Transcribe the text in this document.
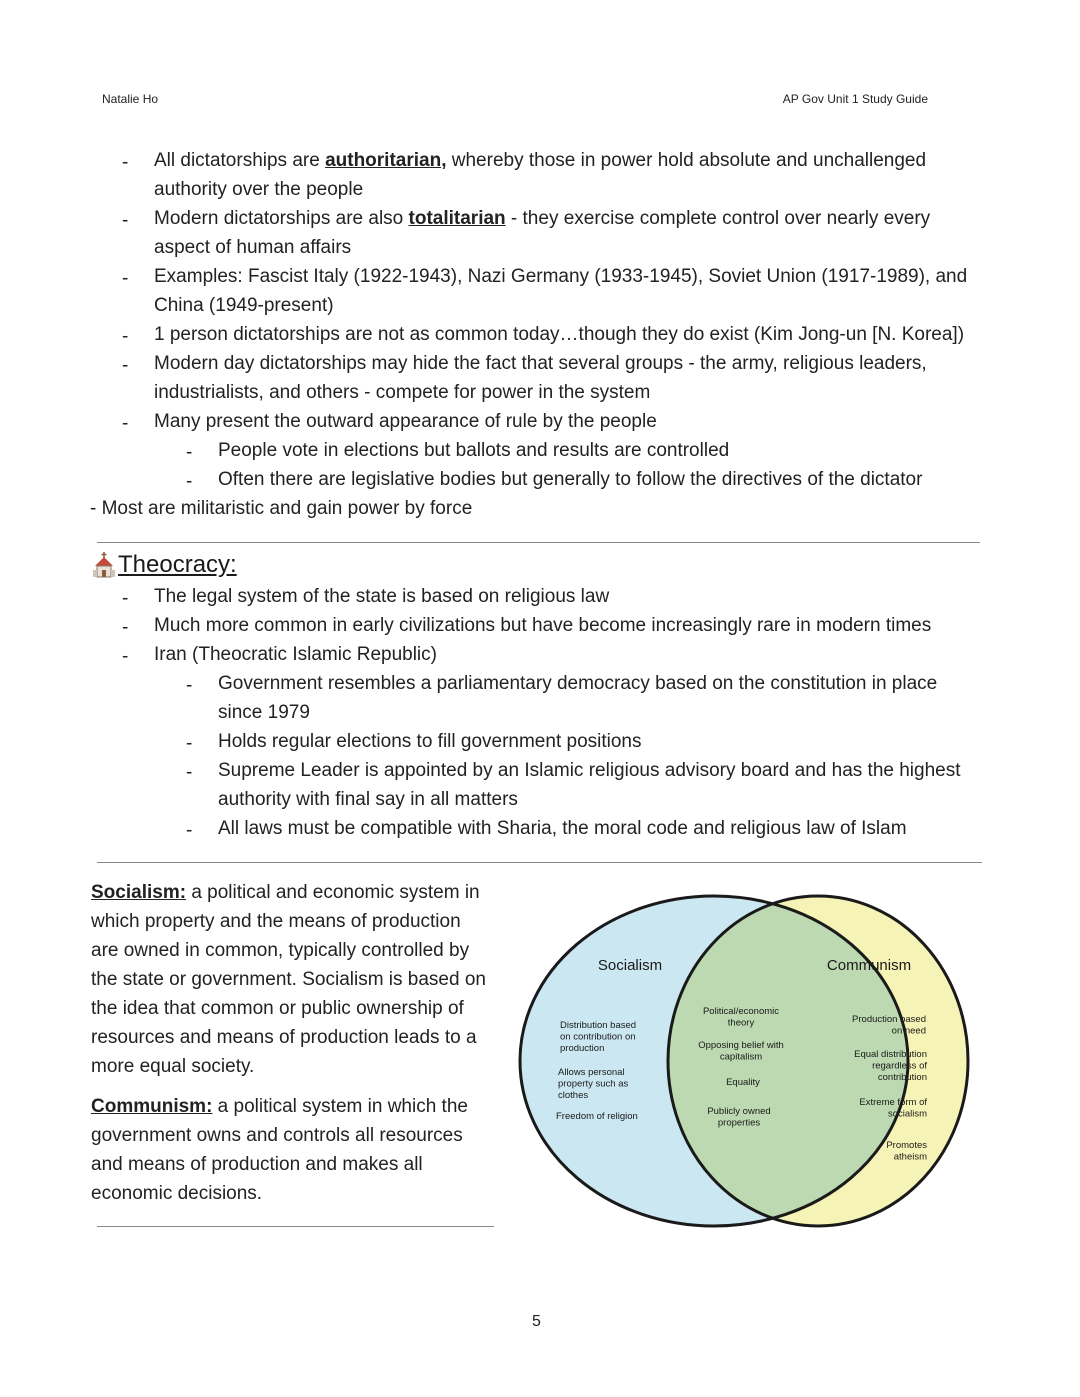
Natalie Ho	AP Gov Unit 1 Study Guide
- All dictatorships are authoritarian, whereby those in power hold absolute and unchallenged
authority over the people
- Modern dictatorships are also totalitarian - they exercise complete control over nearly every
aspect of human affairs
- Examples: Fascist Italy (1922-1943), Nazi Germany (1933-1945), Soviet Union (1917-1989), and
China (1949-present)
- 1 person dictatorships are not as common today…though they do exist (Kim Jong-un [N. Korea])
- Modern day dictatorships may hide the fact that several groups - the army, religious leaders,
industrialists, and others - compete for power in the system
- Many present the outward appearance of rule by the people
- People vote in elections but ballots and results are controlled
- Often there are legislative bodies but generally to follow the directives of the dictator
- Most are militaristic and gain power by force
Theocracy:
- The legal system of the state is based on religious law
- Much more common in early civilizations but have become increasingly rare in modern times
- Iran (Theocratic Islamic Republic)
- Government resembles a parliamentary democracy based on the constitution in place
since 1979
- Holds regular elections to fill government positions
- Supreme Leader is appointed by an Islamic religious advisory board and has the highest
authority with final say in all matters
- All laws must be compatible with Sharia, the moral code and religious law of Islam
Socialism: a political and economic system in
which property and the means of production
are owned in common, typically controlled by
the state or government. Socialism is based on
the idea that common or public ownership of
resources and means of production leads to a
more equal society.
Communism: a political system in which the
government owns and controls all resources
and means of production and makes all
economic decisions.
Socialism	Communism
Distribution based
on contribution on
production
Allows personal
property such as
clothes
Freedom of religion
Political/economic
theory
Opposing belief with
capitalism
Equality
Publicly owned
properties
Production based
on need
Equal distribution
regardless of
contribution
Extreme form of
socialism
Promotes
atheism
5
